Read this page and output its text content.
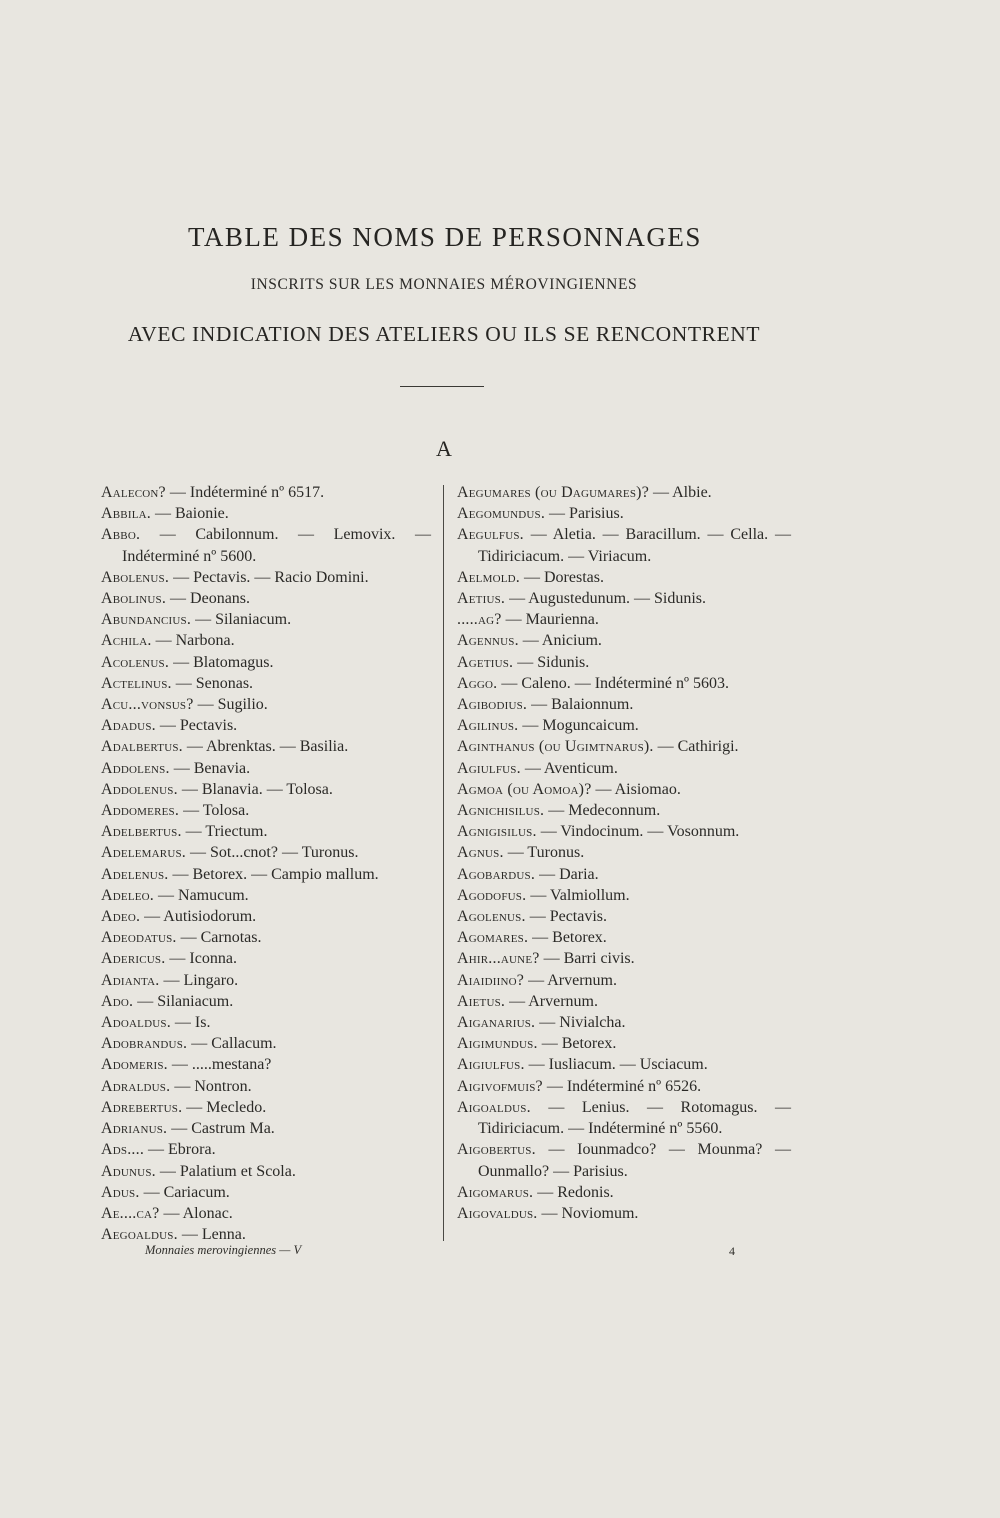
TABLE DES NOMS DE PERSONNAGES
INSCRITS SUR LES MONNAIES MÉROVINGIENNES
AVEC INDICATION DES ATELIERS OU ILS SE RENCONTRENT
A
Aalecon? — Indéterminé nº 6517.
Abbila. — Baionie.
Abbo. — Cabilonnum. — Lemovix. — Indéterminé nº 5600.
Abolenus. — Pectavis. — Racio Domini.
Abolinus. — Deonans.
Abundancius. — Silaniacum.
Achila. — Narbona.
Acolenus. — Blatomagus.
Actelinus. — Senonas.
Acu...vonsus? — Sugilio.
Adadus. — Pectavis.
Adalbertus. — Abrenktas. — Basilia.
Addolens. — Benavia.
Addolenus. — Blanavia. — Tolosa.
Addomeres. — Tolosa.
Adelbertus. — Triectum.
Adelemarus. — Sot...cnot? — Turonus.
Adelenus. — Betorex. — Campio mallum.
Adeleo. — Namucum.
Adeo. — Autisiodorum.
Adeodatus. — Carnotas.
Adericus. — Iconna.
Adianta. — Lingaro.
Ado. — Silaniacum.
Adoaldus. — Is.
Adobrandus. — Callacum.
Adomeris. — .....mestana?
Adraldus. — Nontron.
Adrebertus. — Mecledo.
Adrianus. — Castrum Ma.
Ads.... — Ebrora.
Adunus. — Palatium et Scola.
Adus. — Cariacum.
Ae....ca? — Alonac.
Aegoaldus. — Lenna.
Aegumares (ou Dagumares)? — Albie.
Aegomundus. — Parisius.
Aegulfus. — Aletia. — Baracillum. — Cella. — Tidiriciacum. — Viriacum.
Aelmold. — Dorestas.
Aetius. — Augustedunum. — Sidunis.
.....ag? — Maurienna.
Agennus. — Anicium.
Agetius. — Sidunis.
Aggo. — Caleno. — Indéterminé nº 5603.
Agibodius. — Balaionnum.
Agilinus. — Moguncaicum.
Aginthanus (ou Ugimtnarus). — Cathirigi.
Agiulfus. — Aventicum.
Agmoa (ou Aomoa)? — Aisiomao.
Agnichisilus. — Medeconnum.
Agnigisilus. — Vindocinum. — Vosonnum.
Agnus. — Turonus.
Agobardus. — Daria.
Agodofus. — Valmiollum.
Agolenus. — Pectavis.
Agomares. — Betorex.
Ahir...aune? — Barri civis.
Aiaidiino? — Arvernum.
Aietus. — Arvernum.
Aiganarius. — Nivialcha.
Aigimundus. — Betorex.
Aigiulfus. — Iusliacum. — Usciacum.
Aigivofmuis? — Indéterminé nº 6526.
Aigoaldus. — Lenius. — Rotomagus. — Tidiriciacum. — Indéterminé nº 5560.
Aigobertus. — Iounmadco? — Mounma? — Ounmallo? — Parisius.
Aigomarus. — Redonis.
Aigovaldus. — Noviomum.
Monnaies merovingiennes — V	4
